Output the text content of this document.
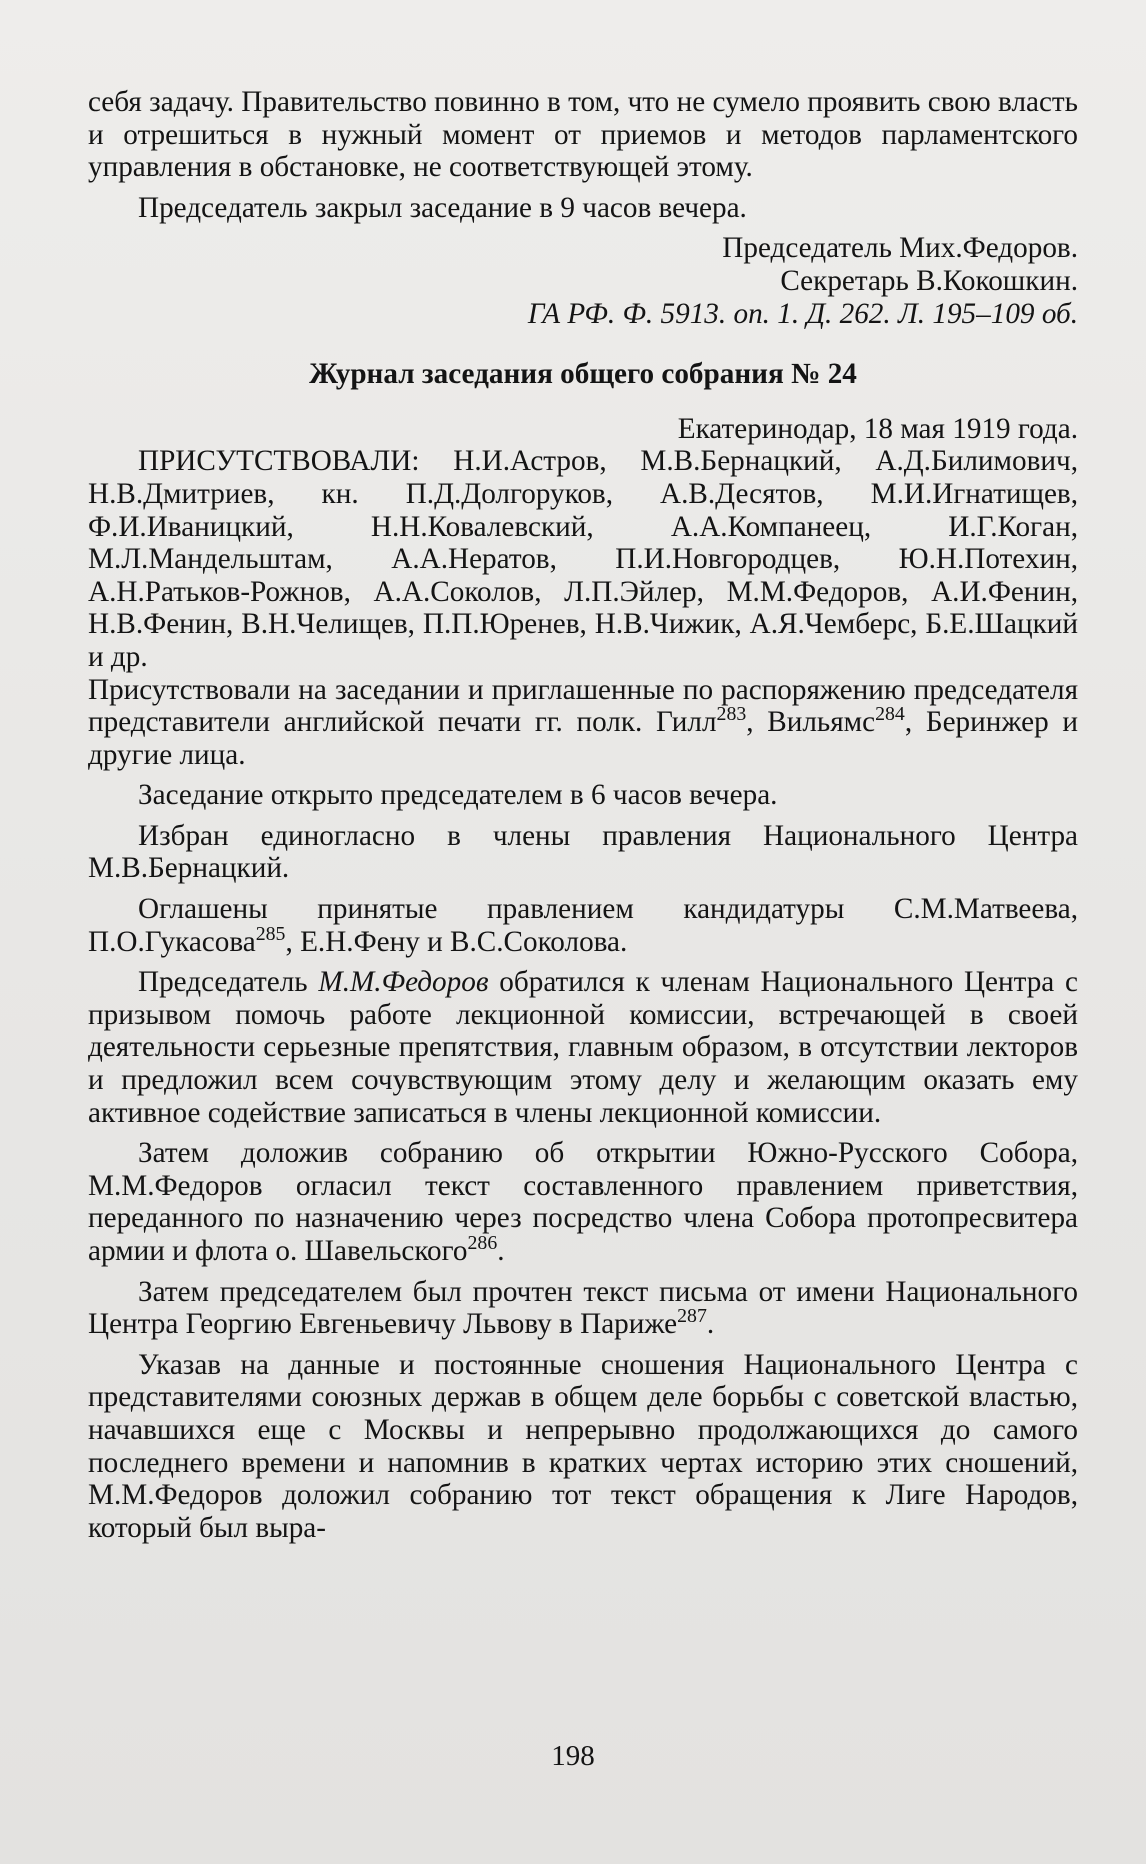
себя задачу. Правительство повинно в том, что не сумело проявить свою власть и отрешиться в нужный момент от приемов и методов парламентского управления в обстановке, не соответствующей этому.

Председатель закрыл заседание в 9 часов вечера.

Председатель Мих.Федоров.

Секретарь В.Кокошкин.

ГА РФ. Ф. 5913. оп. 1. Д. 262. Л. 195–109 об.

Журнал заседания общего собрания № 24

Екатеринодар, 18 мая 1919 года.

ПРИСУТСТВОВАЛИ: Н.И.Астров, М.В.Бернацкий, А.Д.Билимович, Н.В.Дмитриев, кн. П.Д.Долгоруков, А.В.Десятов, М.И.Игнатищев, Ф.И.Иваницкий, Н.Н.Ковалевский, А.А.Компанеец, И.Г.Коган, М.Л.Мандельштам, А.А.Нератов, П.И.Новгородцев, Ю.Н.Потехин, А.Н.Ратьков-Рожнов, А.А.Соколов, Л.П.Эйлер, М.М.Федоров, А.И.Фенин, Н.В.Фенин, В.Н.Челищев, П.П.Юренев, Н.В.Чижик, А.Я.Чемберс, Б.Е.Шацкий и др.

Присутствовали на заседании и приглашенные по распоряжению председателя представители английской печати гг. полк. Гилл$^{283}$, Вильямс$^{284}$, Беринжер и другие лица.

Заседание открыто председателем в 6 часов вечера.

Избран единогласно в члены правления Национального Центра М.В.Бернацкий.

Оглашены принятые правлением кандидатуры С.М.Матвеева, П.О.Гукасова$^{285}$, Е.Н.Фену и В.С.Соколова.

Председатель М.М.Федоров обратился к членам Национального Центра с призывом помочь работе лекционной комиссии, встречающей в своей деятельности серьезные препятствия, главным образом, в отсутствии лекторов и предложил всем сочувствующим этому делу и желающим оказать ему активное содействие записаться в члены лекционной комиссии.

Затем доложив собранию об открытии Южно-Русского Собора, М.М.Федоров огласил текст составленного правлением приветствия, переданного по назначению через посредство члена Собора протопресвитера армии и флота о. Шавельского$^{286}$.

Затем председателем был прочтен текст письма от имени Национального Центра Георгию Евгеньевичу Львову в Париже$^{287}$.

Указав на данные и постоянные сношения Национального Центра с представителями союзных держав в общем деле борьбы с советской властью, начавшихся еще с Москвы и непрерывно продолжающихся до самого последнего времени и напомнив в кратких чертах историю этих сношений, М.М.Федоров доложил собранию тот текст обращения к Лиге Народов, который был выра-

198
